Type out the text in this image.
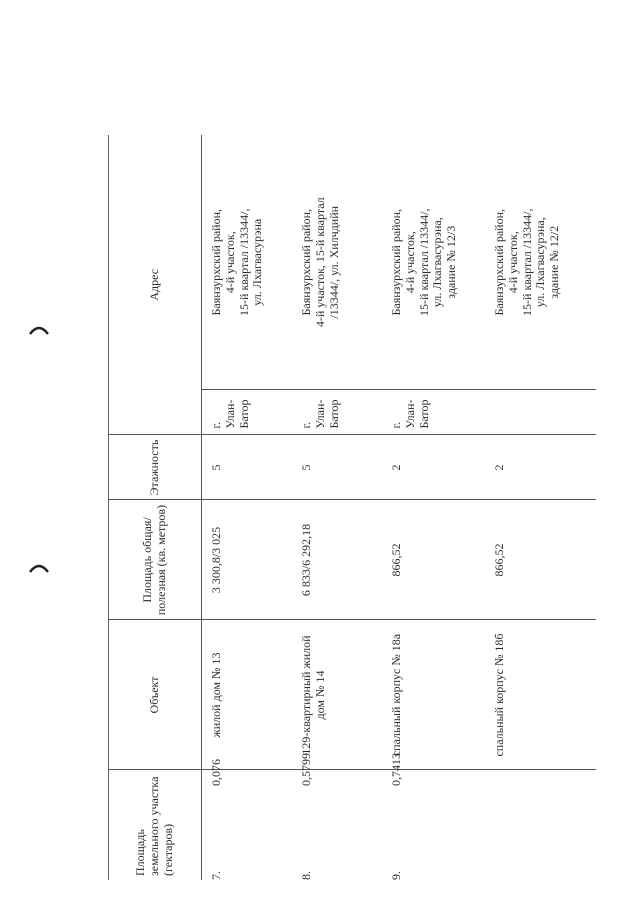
Площадь земельного участка (гектаров)	Объект	Площадь общая/полезная (кв. метров)	Этажность	Адрес	

7.
0,076	жилой дом № 13	3 300,8/3 025	5	г. Улан-Батор	Баянзурхский район, 4-й участок, 15-й квартал /13344/, ул. Лхагвасурэна

8.
0,5799	129-квартирный жилой дом № 14	6 833/6 292,18	5	г. Улан-Батор	Баянзурхский район, 4-й участок, 15-й квартал /13344/, ул. Хилчдийн

9.
0,7413	спальный корпус № 18а	866,52	2	г. Улан-Батор	Баянзурхский район, 4-й участок, 15-й квартал /13344/, ул. Лхагвасурэна, здание № 12/3

	спальный корпус № 18б	866,52	2		Баянзурхский район, 4-й участок, 15-й квартал /13344/, ул. Лхагвасурэна, здание № 12/2
